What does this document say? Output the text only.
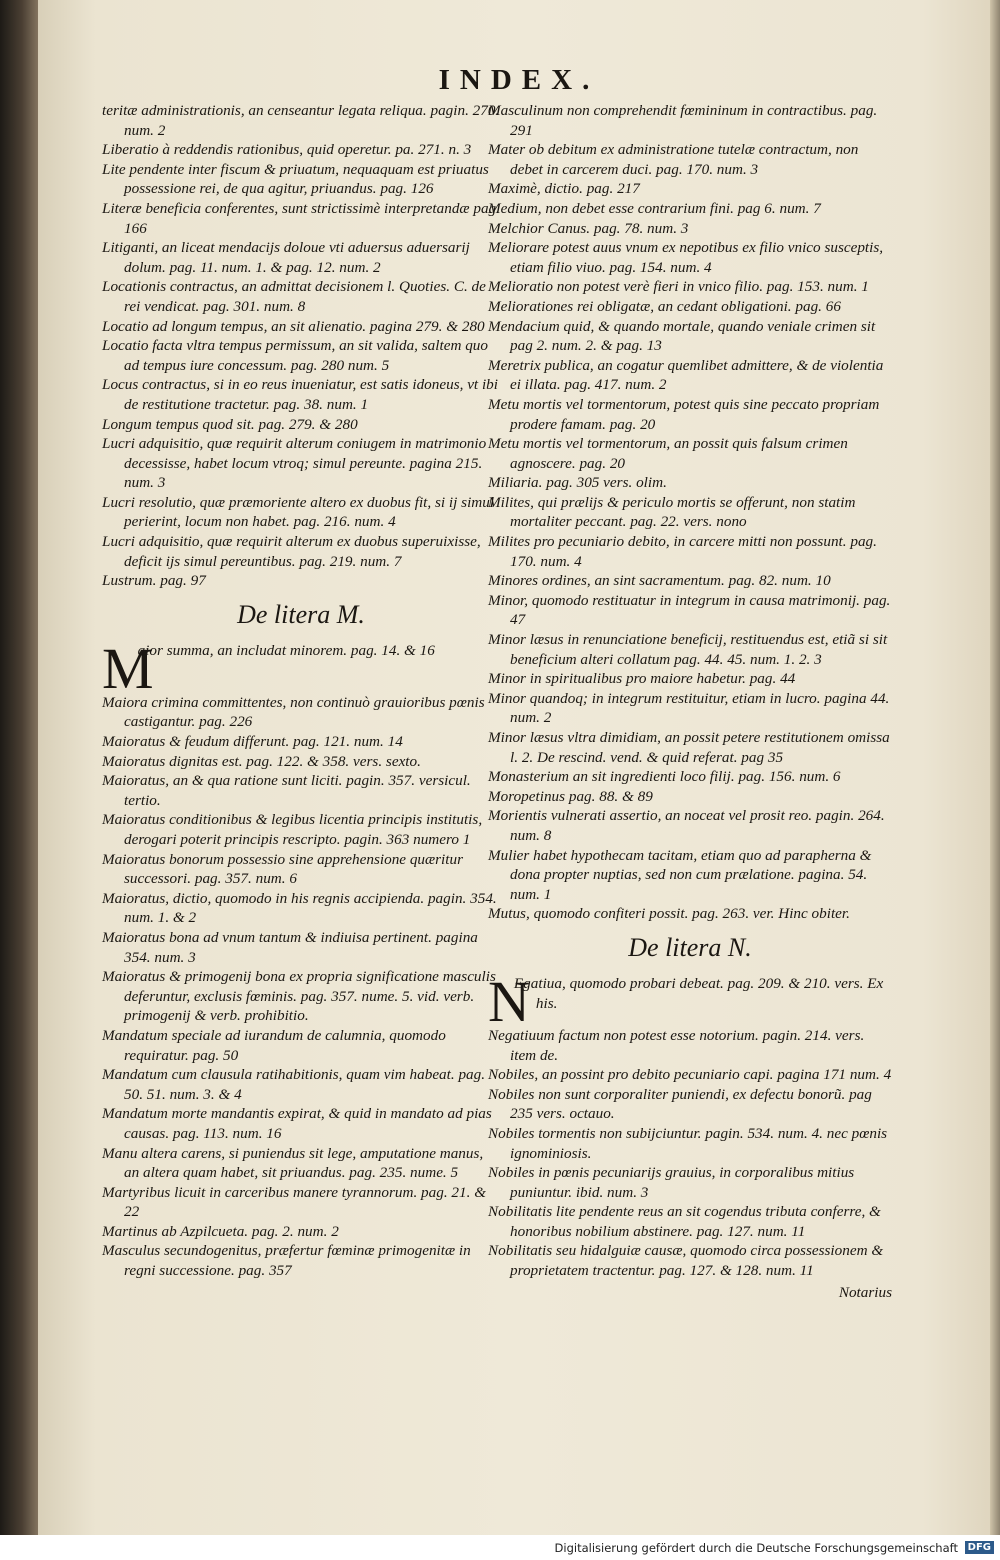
INDEX.

teritæ administrationis, an censeantur legata reliqua. pagin. 270. num. 2

Liberatio à reddendis rationibus, quid operetur. pa. 271. n. 3

Lite pendente inter fiscum & priuatum, nequaquam est priuatus possessione rei, de qua agitur, priuandus. pag. 126

Literæ beneficia conferentes, sunt strictissimè interpretandæ pag. 166

Litiganti, an liceat mendacijs doloue vti aduersus aduersarij dolum. pag. 11. num. 1. & pag. 12. num. 2

Locationis contractus, an admittat decisionem l. Quoties. C. de rei vendicat. pag. 301. num. 8

Locatio ad longum tempus, an sit alienatio. pagina 279. & 280

Locatio facta vltra tempus permissum, an sit valida, saltem quo ad tempus iure concessum. pag. 280 num. 5

Locus contractus, si in eo reus inueniatur, est satis idoneus, vt ibi de restitutione tractetur. pag. 38. num. 1

Longum tempus quod sit. pag. 279. & 280

Lucri adquisitio, quæ requirit alterum coniugem in matrimonio decessisse, habet locum vtroq; simul pereunte. pagina 215. num. 3

Lucri resolutio, quæ præmoriente altero ex duobus fit, si ij simul perierint, locum non habet. pag. 216. num. 4

Lucri adquisitio, quæ requirit alterum ex duobus superuixisse, deficit ijs simul pereuntibus. pag. 219. num. 7

Lustrum. pag. 97

De litera M.

M
aior summa, an includat minorem. pag. 14. & 16

Maiora crimina committentes, non continuò grauioribus pœnis castigantur. pag. 226

Maioratus & feudum differunt. pag. 121. num. 14

Maioratus dignitas est. pag. 122. & 358. vers. sexto.

Maioratus, an & qua ratione sunt liciti. pagin. 357. versicul. tertio.

Maioratus conditionibus & legibus licentia principis institutis, derogari poterit principis rescripto. pagin. 363 numero 1

Maioratus bonorum possessio sine apprehensione quæritur successori. pag. 357. num. 6

Maioratus, dictio, quomodo in his regnis accipienda. pagin. 354. num. 1. & 2

Maioratus bona ad vnum tantum & indiuisa pertinent. pagina 354. num. 3

Maioratus & primogenij bona ex propria significatione masculis deferuntur, exclusis fœminis. pag. 357. nume. 5. vid. verb. primogenij & verb. prohibitio.

Mandatum speciale ad iurandum de calumnia, quomodo requiratur. pag. 50

Mandatum cum clausula ratihabitionis, quam vim habeat. pag. 50. 51. num. 3. & 4

Mandatum morte mandantis expirat, & quid in mandato ad pias causas. pag. 113. num. 16

Manu altera carens, si puniendus sit lege, amputatione manus, an altera quam habet, sit priuandus. pag. 235. nume. 5

Martyribus licuit in carceribus manere tyrannorum. pag. 21. & 22

Martinus ab Azpilcueta. pag. 2. num. 2

Masculus secundogenitus, præfertur fœminæ primogenitæ in regni successione. pag. 357

Masculinum non comprehendit fœmininum in contractibus. pag. 291

Mater ob debitum ex administratione tutelæ contractum, non debet in carcerem duci. pag. 170. num. 3

Maximè, dictio. pag. 217

Medium, non debet esse contrarium fini. pag 6. num. 7

Melchior Canus. pag. 78. num. 3

Meliorare potest auus vnum ex nepotibus ex filio vnico susceptis, etiam filio viuo. pag. 154. num. 4

Melioratio non potest verè fieri in vnico filio. pag. 153. num. 1

Meliorationes rei obligatæ, an cedant obligationi. pag. 66

Mendacium quid, & quando mortale, quando veniale crimen sit pag 2. num. 2. & pag. 13

Meretrix publica, an cogatur quemlibet admittere, & de violentia ei illata. pag. 417. num. 2

Metu mortis vel tormentorum, potest quis sine peccato propriam prodere famam. pag. 20

Metu mortis vel tormentorum, an possit quis falsum crimen agnoscere. pag. 20

Miliaria. pag. 305 vers. olim.

Milites, qui prælijs & periculo mortis se offerunt, non statim mortaliter peccant. pag. 22. vers. nono

Milites pro pecuniario debito, in carcere mitti non possunt. pag. 170. num. 4

Minores ordines, an sint sacramentum. pag. 82. num. 10

Minor, quomodo restituatur in integrum in causa matrimonij. pag. 47

Minor læsus in renunciatione beneficij, restituendus est, etiã si sit beneficium alteri collatum pag. 44. 45. num. 1. 2. 3

Minor in spiritualibus pro maiore habetur. pag. 44

Minor quandoq; in integrum restituitur, etiam in lucro. pagina 44. num. 2

Minor læsus vltra dimidiam, an possit petere restitutionem omissa l. 2. De rescind. vend. & quid referat. pag 35

Monasterium an sit ingredienti loco filij. pag. 156. num. 6

Moropetinus pag. 88. & 89

Morientis vulnerati assertio, an noceat vel prosit reo. pagin. 264. num. 8

Mulier habet hypothecam tacitam, etiam quo ad parapherna & dona propter nuptias, sed non cum prælatione. pagina. 54. num. 1

Mutus, quomodo confiteri possit. pag. 263. ver. Hinc obiter.

De litera N.

N
Egatiua, quomodo probari debeat. pag. 209. & 210. vers. Ex his.

Negatiuum factum non potest esse notorium. pagin. 214. vers. item de.

Nobiles, an possint pro debito pecuniario capi. pagina 171 num. 4

Nobiles non sunt corporaliter puniendi, ex defectu bonorũ. pag 235 vers. octauo.

Nobiles tormentis non subijciuntur. pagin. 534. num. 4. nec pœnis ignominiosis.

Nobiles in pœnis pecuniarijs grauius, in corporalibus mitius puniuntur. ibid. num. 3

Nobilitatis lite pendente reus an sit cogendus tributa conferre, & honoribus nobilium abstinere. pag. 127. num. 11

Nobilitatis seu hidalguiæ causæ, quomodo circa possessionem & proprietatem tractentur. pag. 127. & 128. num. 11

Notarius
Digitalisierung gefördert durch die Deutsche Forschungsgemeinschaft DFG
